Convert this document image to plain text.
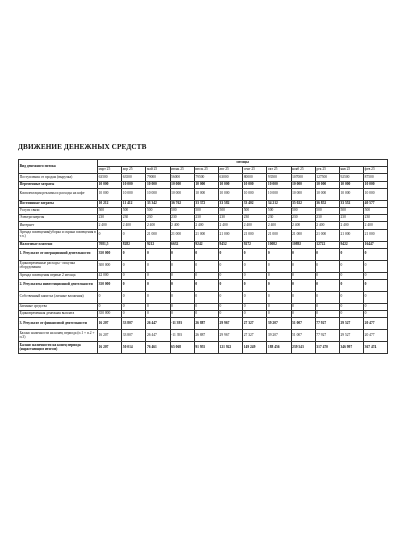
ДВИЖЕНИЕ ДЕНЕЖНЫХ СРЕДСТВ
Вид денежного потока	месяцы											
	март 25	апр 25	май 25	июнь 25	июль 25	авг 25	сент 25	окт 25	нояб 25	дек 25	янв 25	фев 25
Поступления от продаж (выручка)	63500	63500	79000	56000	79500	63000	80000	93500	107000	127500	92500	87500
Переменные затраты	10 000	10 000	10 000	10 000	10 000	10 000	10 000	10 000	10 000	10 000	10 000	10 000
Комплектация рекламы и расходы на кофе	10 000	10 000	10 000	10 000	10 000	10 000	10 000	10 000	10 000	10 000	10 000	10 000
Постоянные затраты	10 212	11 412	33 342	36 762	33 372	33 582	33 402	34 212	35 022	36 852	33 552	40 577
Услуги связи	500	500	500	500	500	500	500	500	500	500	500	500
Электроэнергия	230	230	230	230	230	230	230	230	230	230	230	230
Интернет	2 400	2 400	2 400	2 400	2 400	2 400	2 400	2 400	2 400	2 400	2 400	2 400
Аренда помещения(уборка и охрана помещения в т.ч.)	0	0	21 000	21 000	21 000	21 000	21 000	21 000	21 000	21 000	21 000	21 000
Налоговые платежи	7081,5	8282	9212	6632	9242	9452	9272	10082	10892	12722	9422	16447
1. Результат от операционной деятельности	350 000	0	0	0	0	0	0	0	0	0	0	0
Единовременные расходы - покупка оборудования	300 000	0	0	0	0	0	0	0	0	0	0	0
Аренда помещения первые 2 месяца	42 000	0	0	0	0	0	0	0	0	0	0	0
2. Результаты инвестиционной деятельности	350 000	0	0	0	0	0	0	0	0	0	0	0
Собственный капитал (личные вложения)	0	0	0	0	0	0	0	0	0	0	0	0
Заемные средства	0	0	0	0	0	0	0	0	0	0	0	0
Единовременная денежная выплата	350 000	0	0	0	0	0	0	0	0	0	0	0
3. Результат от финансовой деятельности	16 207	33 807	26 447	-11 393	26 887	29 967	27 327	39 207	51 007	77 927	29 527	20 477
Баланс наличности на конец периода (п.1 + п.2 + п.3)	16 207	33 807	26 447	-11 393	26 887	29 967	27 327	39 207	51 007	77 927	29 527	20 477
Баланс наличности на конец периода (нарастающим итогом)	16 207	50 014	76 461	65 068	91 955	121 922	149 249	188 456	239 543	317 470	346 997	367 474
